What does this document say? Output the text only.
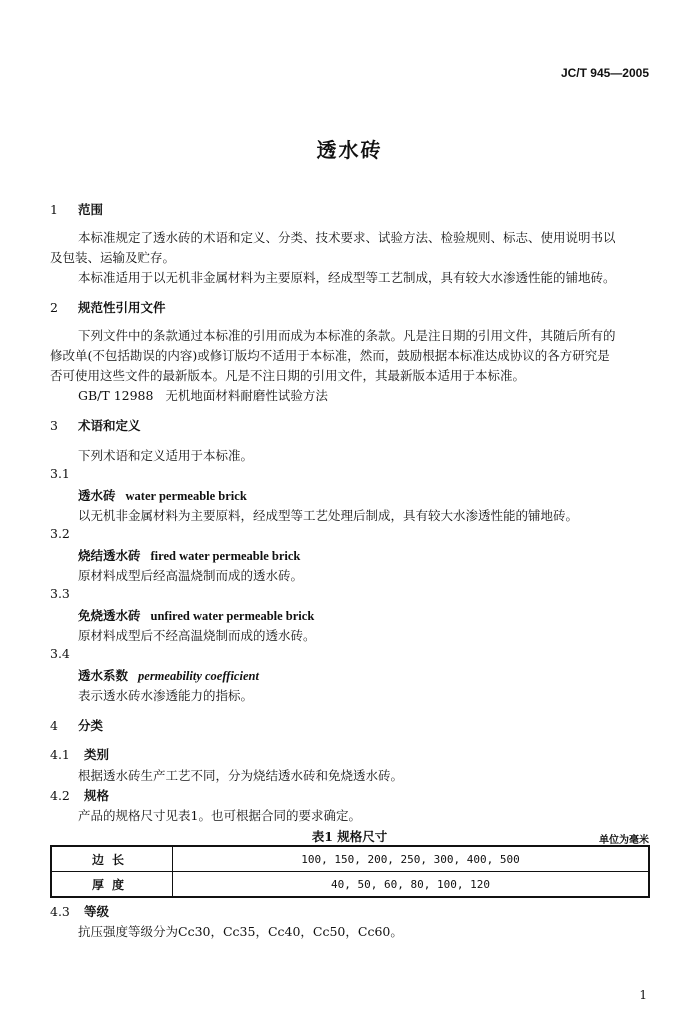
JC/T 945—2005
透水砖
1 范围
本标准规定了透水砖的术语和定义、分类、技术要求、试验方法、检验规则、标志、使用说明书以
及包装、运输及贮存。
本标准适用于以无机非金属材料为主要原料，经成型等工艺制成，具有较大水渗透性能的铺地砖。
2 规范性引用文件
下列文件中的条款通过本标准的引用而成为本标准的条款。凡是注日期的引用文件，其随后所有的
修改单(不包括勘误的内容)或修订版均不适用于本标准，然而，鼓励根据本标准达成协议的各方研究是
否可使用这些文件的最新版本。凡是不注日期的引用文件，其最新版本适用于本标准。
GB/T 12988   无机地面材料耐磨性试验方法
3 术语和定义
下列术语和定义适用于本标准。
3.1
透水砖 water permeable brick
以无机非金属材料为主要原料，经成型等工艺处理后制成，具有较大水渗透性能的铺地砖。
3.2
烧结透水砖 fired water permeable brick
原材料成型后经高温烧制而成的透水砖。
3.3
免烧透水砖 unfired water permeable brick
原材料成型后不经高温烧制而成的透水砖。
3.4
透水系数 permeability coefficient
表示透水砖水渗透能力的指标。
4 分类
4.1 类别
根据透水砖生产工艺不同，分为烧结透水砖和免烧透水砖。
4.2 规格
产品的规格尺寸见表1。也可根据合同的要求确定。
表1 规格尺寸	单位为毫米
边长	100, 150, 200, 250, 300, 400, 500
厚度	40, 50, 60, 80, 100, 120
4.3 等级
抗压强度等级分为Cc30，Cc35，Cc40，Cc50，Cc60。
1
